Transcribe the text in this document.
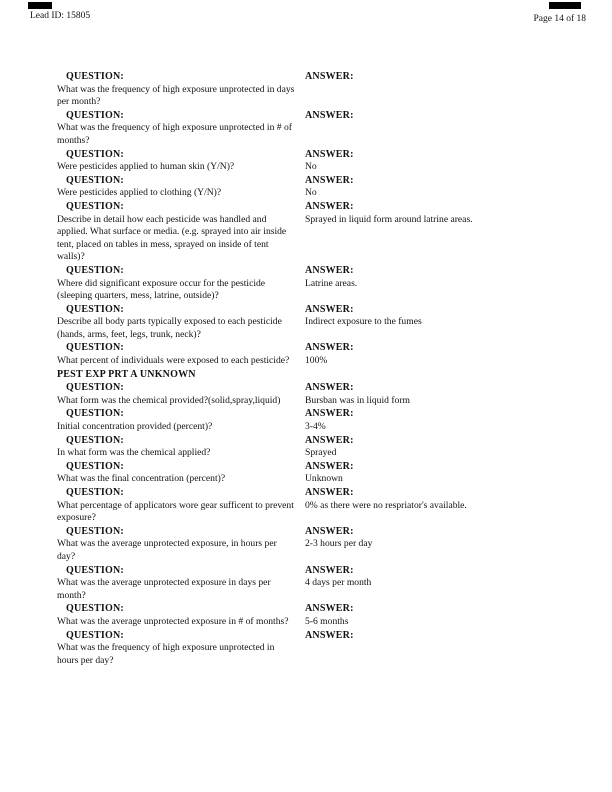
Lead ID: 15805	Page 14 of 18
QUESTION:
What was the frequency of high exposure unprotected in days per month?
ANSWER:
QUESTION:
What was the frequency of high exposure unprotected in # of months?
ANSWER:
QUESTION:
Were pesticides applied to human skin (Y/N)?
ANSWER:
No
QUESTION:
Were pesticides applied to clothing (Y/N)?
ANSWER:
No
QUESTION:
Describe in detail how each pesticide was handled and applied. What surface or media. (e.g. sprayed into air inside tent, placed on tables in mess, sprayed on inside of tent walls)?
ANSWER:
Sprayed in liquid form around latrine areas.
QUESTION:
Where did significant exposure occur for the pesticide (sleeping quarters, mess, latrine, outside)?
ANSWER:
Latrine areas.
QUESTION:
Describe all body parts typically exposed to each pesticide (hands, arms, feet, legs, trunk, neck)?
ANSWER:
Indirect exposure to the fumes
QUESTION:
What percent of individuals were exposed to each pesticide?
ANSWER:
100%
PEST EXP PRT A UNKNOWN
QUESTION:
What form was the chemical provided?(solid,spray,liquid)
ANSWER:
Bursban was in liquid form
QUESTION:
Initial concentration provided (percent)?
ANSWER:
3-4%
QUESTION:
In what form was the chemical applied?
ANSWER:
Sprayed
QUESTION:
What was the final concentration (percent)?
ANSWER:
Unknown
QUESTION:
What percentage of applicators wore gear sufficent to prevent exposure?
ANSWER:
0% as there were no respriator's available.
QUESTION:
What was the average unprotected exposure, in hours per day?
ANSWER:
2-3 hours per day
QUESTION:
What was the average unprotected exposure in days per month?
ANSWER:
4 days per month
QUESTION:
What was the average unprotected exposure in # of months?
ANSWER:
5-6 months
QUESTION:
What was the frequency of high exposure unprotected in hours per day?
ANSWER:
